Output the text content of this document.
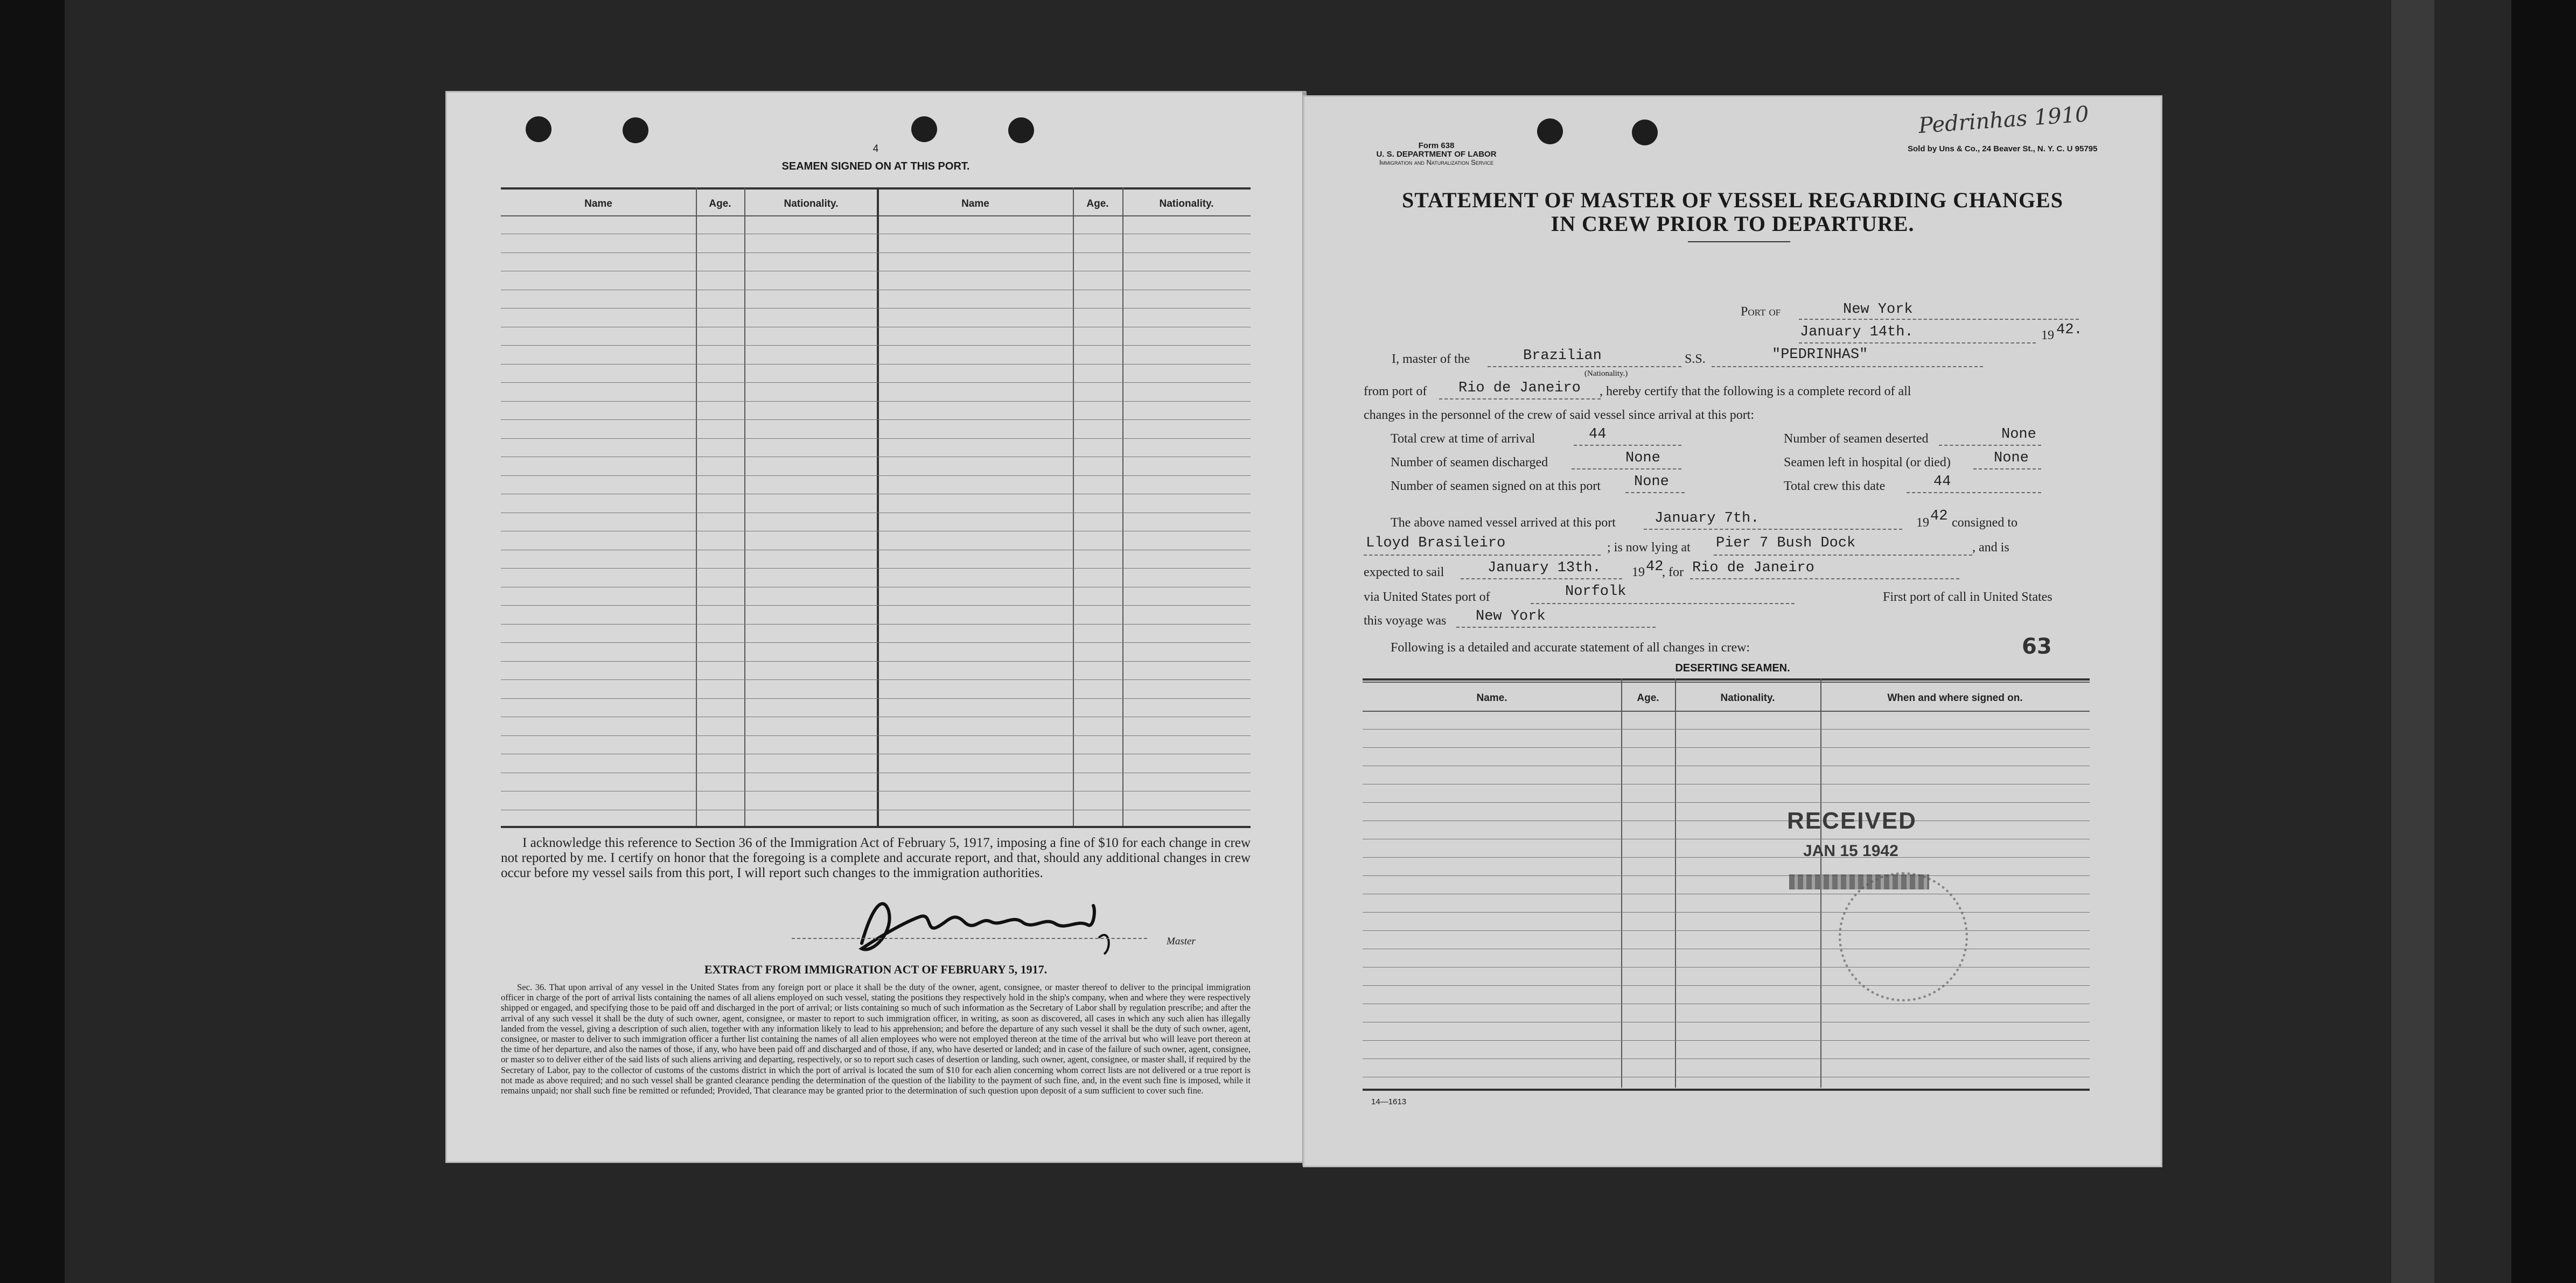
4
SEAMEN SIGNED ON AT THIS PORT.
Name	Age.	Nationality.	Name	Age.	Nationality.
I acknowledge this reference to Section 36 of the Immigration Act of February 5, 1917, imposing a fine of $10 for each change in crew not reported by me. I certify on honor that the foregoing is a complete and accurate report, and that, should any additional changes in crew occur before my vessel sails from this port, I will report such changes to the immigration authorities.
Master
EXTRACT FROM IMMIGRATION ACT OF FEBRUARY 5, 1917.
Sec. 36. That upon arrival of any vessel in the United States from any foreign port or place it shall be the duty of the owner, agent, consignee, or master thereof to deliver to the principal immigration officer in charge of the port of arrival lists containing the names of all aliens employed on such vessel, stating the positions they respectively hold in the ship's company, when and where they were respectively shipped or engaged, and specifying those to be paid off and discharged in the port of arrival; or lists containing so much of such information as the Secretary of Labor shall by regulation prescribe; and after the arrival of any such vessel it shall be the duty of such owner, agent, consignee, or master to report to such immigration officer, in writing, as soon as discovered, all cases in which any such alien has illegally landed from the vessel, giving a description of such alien, together with any information likely to lead to his apprehension; and before the departure of any such vessel it shall be the duty of such owner, agent, consignee, or master to deliver to such immigration officer a further list containing the names of all alien employees who were not employed thereon at the time of the arrival but who will leave port thereon at the time of her departure, and also the names of those, if any, who have been paid off and discharged and of those, if any, who have deserted or landed; and in case of the failure of such owner, agent, consignee, or master so to deliver either of the said lists of such aliens arriving and departing, respectively, or so to report such cases of desertion or landing, such owner, agent, consignee, or master shall, if required by the Secretary of Labor, pay to the collector of customs of the customs district in which the port of arrival is located the sum of $10 for each alien concerning whom correct lists are not delivered or a true report is not made as above required; and no such vessel shall be granted clearance pending the determination of the question of the liability to the payment of such fine, and, in the event such fine is imposed, while it remains unpaid; nor shall such fine be remitted or refunded; Provided, That clearance may be granted prior to the determination of such question upon deposit of a sum sufficient to cover such fine.
Form 638
U. S. DEPARTMENT OF LABOR
Immigration and Naturalization Service
Sold by Uns & Co., 24 Beaver St., N. Y. C. U 95795
Pedrinhas 1910
STATEMENT OF MASTER OF VESSEL REGARDING CHANGES
IN CREW PRIOR TO DEPARTURE.
Port of	New York
January 14th.	19 42.
I, master of the	Brazilian
(Nationality.)
S.S.	"PEDRINHAS"
from port of Rio de Janeiro , hereby certify that the following is a complete record of all
changes in the personnel of the crew of said vessel since arrival at this port:
Total crew at time of arrival	44	Number of seamen deserted	None
Number of seamen discharged	None	Seamen left in hospital (or died)	None
Number of seamen signed on at this port None	Total crew this date	44
The above named vessel arrived at this port	January 7th.	19 42 consigned to
Lloyd Brasileiro	; is now lying at Pier 7 Bush Dock	, and is
expected to sail	January 13th. 19 42
, for Rio de Janeiro
via United States port of	Norfolk	First port of call in United States
this voyage was New York
Following is a detailed and accurate statement of all changes in crew:	63
DESERTING SEAMEN.
Name.	Age.	Nationality.	When and where signed on.
RECEIVED
JAN 15 1942
14—1613
